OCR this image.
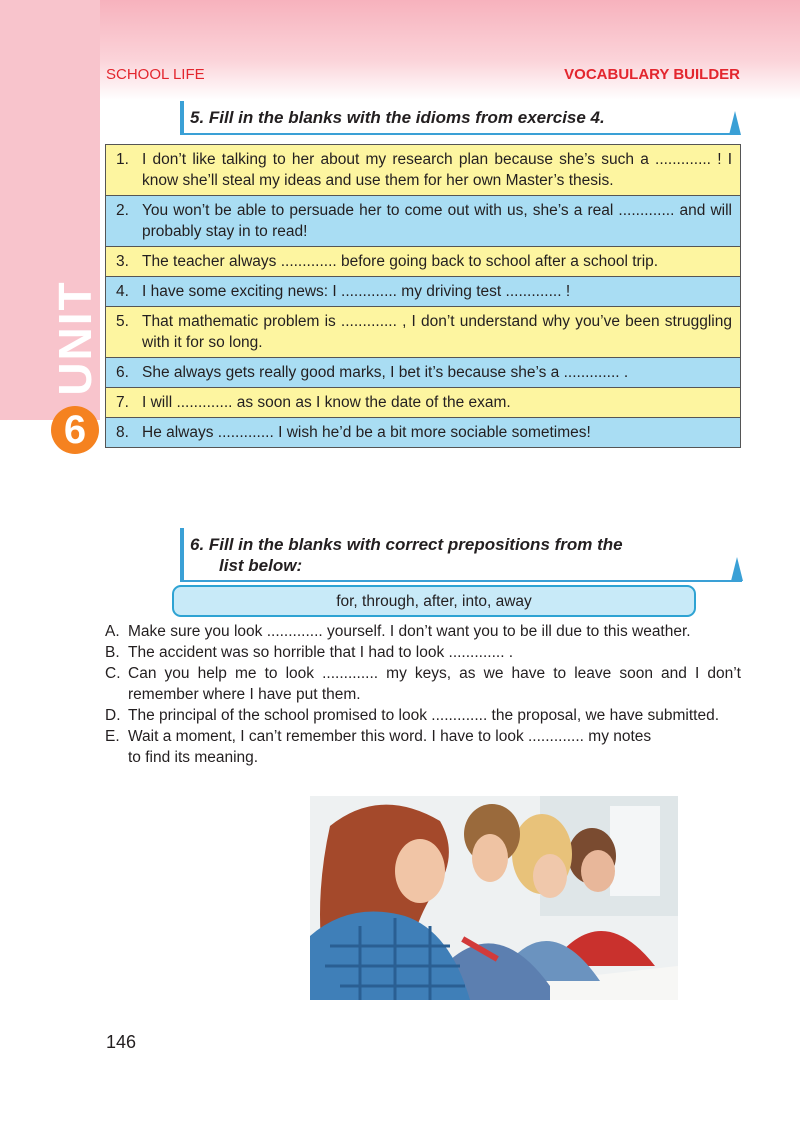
UNIT
6
SCHOOL LIFE	VOCABULARY BUILDER
5. Fill in the blanks with the idioms from exercise 4.
1. I don’t like talking to her about my research plan because she’s such a ............. ! I know she’ll steal my ideas and use them for her own Master’s thesis.
2. You won’t be able to persuade her to come out with us, she’s a real ............. and will probably stay in to read!
3. The teacher always ............. before going back to school after a school trip.
4. I have some exciting news: I ............. my driving test ............. !
5. That mathematic problem is ............. , I don’t understand why you’ve been struggling with it for so long.
6. She always gets really good marks, I bet it’s because she’s a ............. .
7. I will ............. as soon as I know the date of the exam.
8. He always ............. I wish he’d be a bit more sociable sometimes!
6. Fill in the blanks with correct prepositions from the
list below:
for, through, after, into, away
A. Make sure you look ............. yourself. I don’t want you to be ill due to this weather.
B. The accident was so horrible that I had to look ............. .
C. Can you help me to look ............. my keys, as we have to leave soon and I don’t remember where I have put them.
D. The principal of the school promised to look ............. the proposal, we have submitted.
E. Wait a moment, I can’t remember this word. I have to look ............. my notes
to find its meaning.
146
